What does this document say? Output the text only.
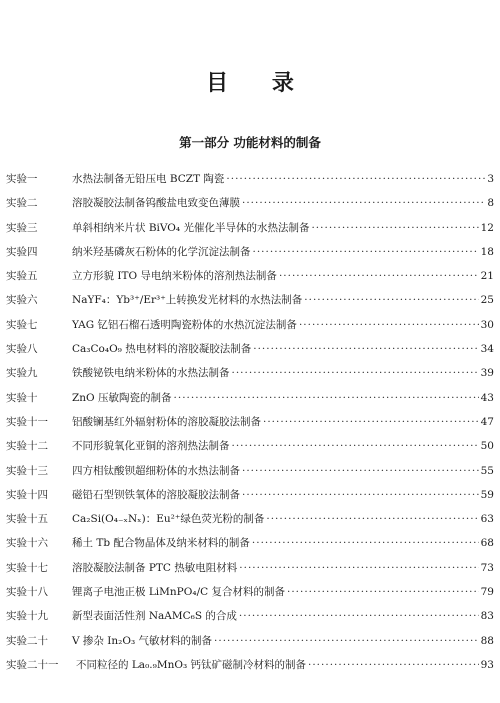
目 录
第一部分 功能材料的制备
实验一	水热法制备无铅压电 BCZT 陶瓷 ·····	3
实验二	溶胶凝胶法制备钨酸盐电致变色薄膜 ·····	8
实验三	单斜相纳米片状 BiVO₄ 光催化半导体的水热法制备 ·····	12
实验四	纳米羟基磷灰石粉体的化学沉淀法制备 ·····	18
实验五	立方形貌 ITO 导电纳米粉体的溶剂热法制备 ·····	21
实验六	NaYF₄：Yb³⁺/Er³⁺上转换发光材料的水热法制备 ·····	25
实验七	YAG 钇铝石榴石透明陶瓷粉体的水热沉淀法制备 ·····	30
实验八	Ca₃Co₄O₉ 热电材料的溶胶凝胶法制备 ·····	34
实验九	铁酸铋铁电纳米粉体的水热法制备 ·····	39
实验十	ZnO 压敏陶瓷的制备 ·····	43
实验十一	铝酸镧基红外辐射粉体的溶胶凝胶法制备 ·····	47
实验十二	不同形貌氧化亚铜的溶剂热法制备 ·····	50
实验十三	四方相钛酸钡超细粉体的水热法制备 ·····	55
实验十四	磁铅石型钡铁氧体的溶胶凝胶法制备 ·····	59
实验十五	Ca₂Si(O₄₋ₓNₓ)：Eu²⁺绿色荧光粉的制备 ·····	63
实验十六	稀土 Tb 配合物晶体及纳米材料的制备 ·····	68
实验十七	溶胶凝胶法制备 PTC 热敏电阻材料 ·····	73
实验十八	锂离子电池正极 LiMnPO₄/C 复合材料的制备 ·····	79
实验十九	新型表面活性剂 NaAMC₆S 的合成 ·····	83
实验二十	V 掺杂 In₂O₃ 气敏材料的制备 ·····	88
实验二十一	不同粒径的 La₀.₉MnO₃ 钙钛矿磁制冷材料的制备 ·····	93
